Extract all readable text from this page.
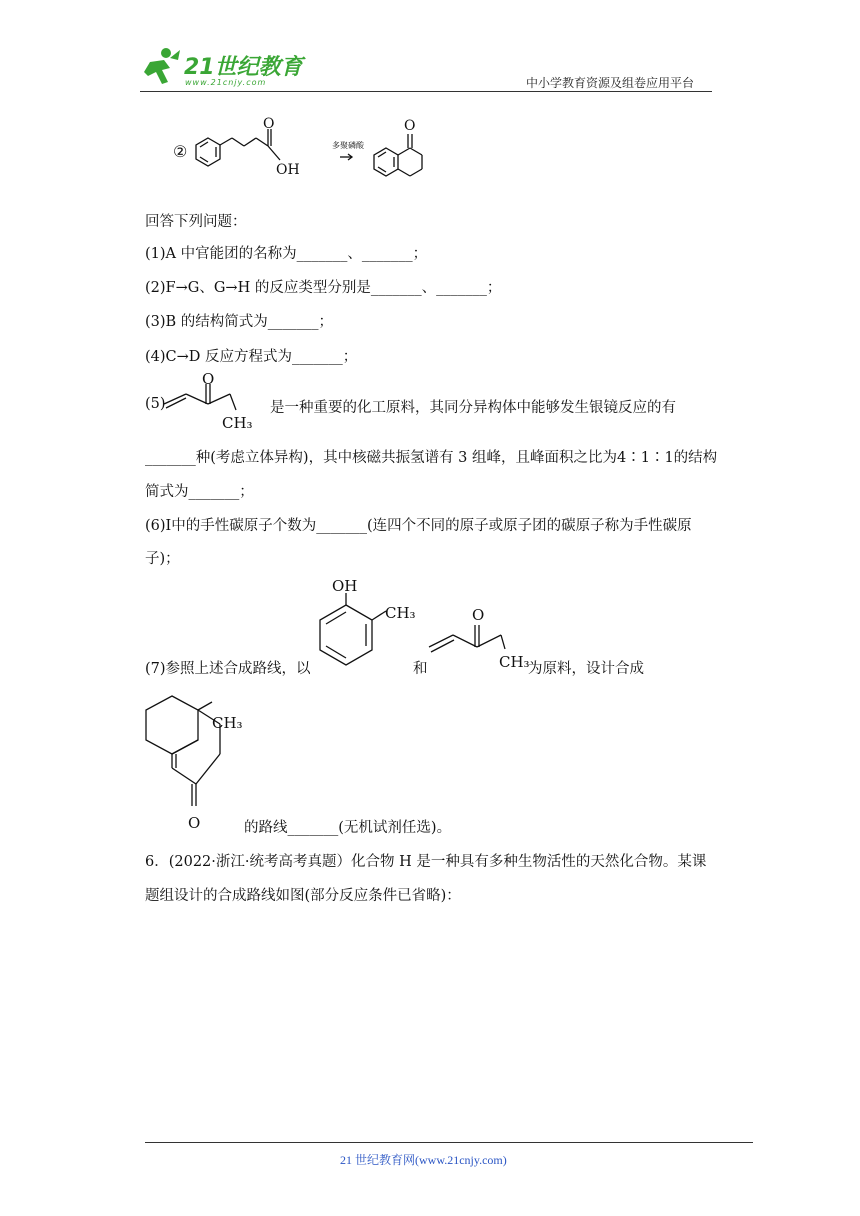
21世纪教育
www.21cnjy.com	中小学教育资源及组卷应用平台
②
O
OH
多聚磷酸
O
回答下列问题：
(1)A 中官能团的名称为_______、_______；
(2)F→G、G→H 的反应类型分别是_______、_______；
(3)B 的结构简式为_______；
(4)C→D 反应方程式为_______；
(5)
O
CH₃
是一种重要的化工原料，其同分异构体中能够发生银镜反应的有
_______种(考虑立体异构)，其中核磁共振氢谱有 3 组峰，且峰面积之比为4∶1∶1的结构
简式为_______；
(6)I中的手性碳原子个数为_______(连四个不同的原子或原子团的碳原子称为手性碳原
子)；
(7)参照上述合成路线，以
OH
CH₃
和
O
CH₃
为原料，设计合成
CH₃
O	的路线_______(无机试剂任选)。
6．(2022·浙江·统考高考真题）化合物 H 是一种具有多种生物活性的天然化合物。某课
题组设计的合成路线如图(部分反应条件已省略)：
21 世纪教育网(www.21cnjy.com)
